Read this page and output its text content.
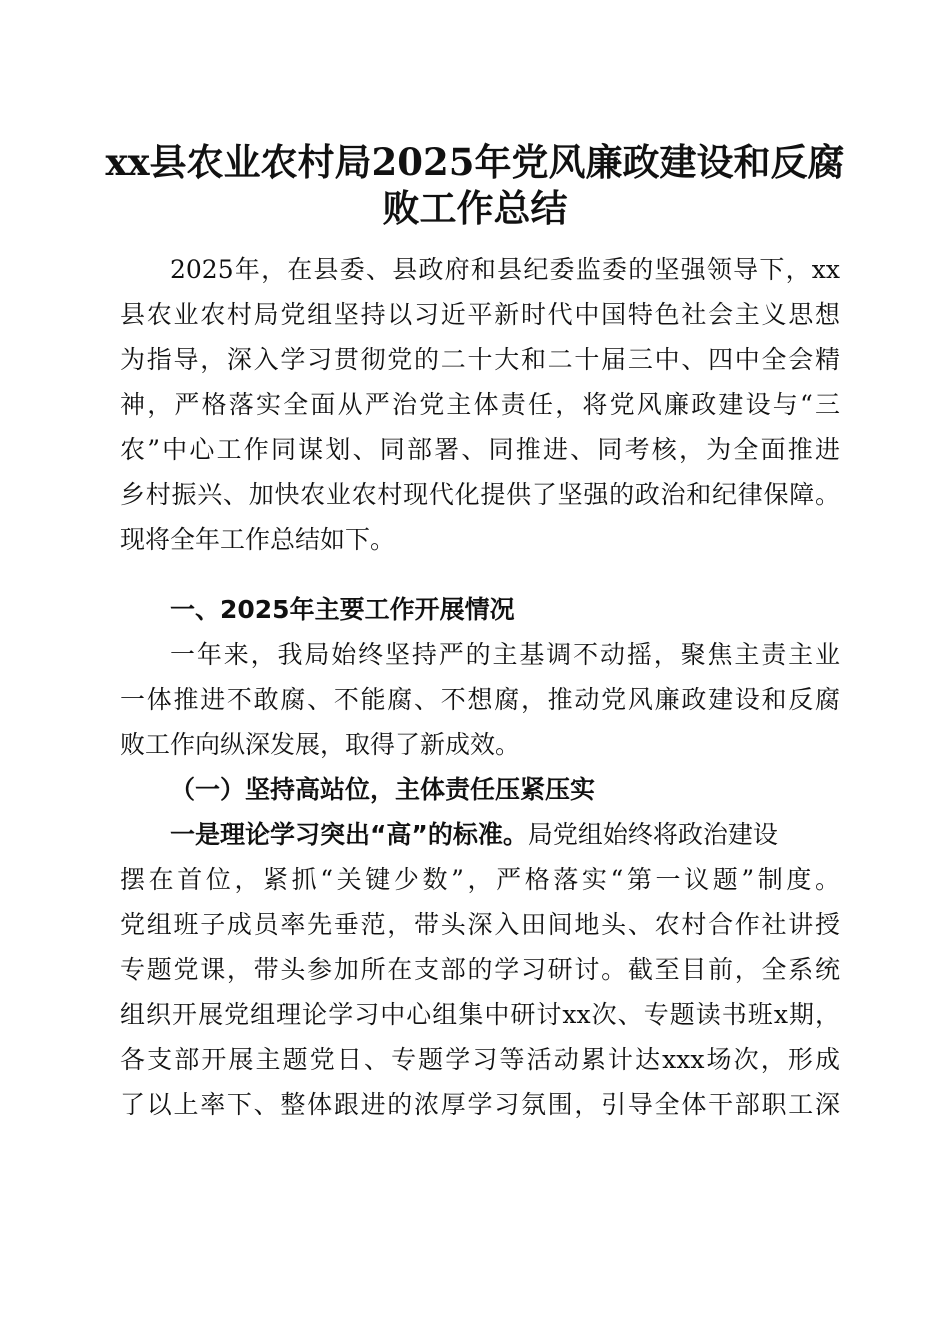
xx县农业农村局2025年党风廉政建设和反腐
败工作总结
2025年，在县委、县政府和县纪委监委的坚强领导下，xx
县农业农村局党组坚持以习近平新时代中国特色社会主义思想
为指导，深入学习贯彻党的二十大和二十届三中、四中全会精
神，严格落实全面从严治党主体责任，将党风廉政建设与“三
农”中心工作同谋划、同部署、同推进、同考核，为全面推进
乡村振兴、加快农业农村现代化提供了坚强的政治和纪律保障。
现将全年工作总结如下。
一、2025年主要工作开展情况
一年来，我局始终坚持严的主基调不动摇，聚焦主责主业
一体推进不敢腐、不能腐、不想腐，推动党风廉政建设和反腐
败工作向纵深发展，取得了新成效。
（一）坚持高站位，主体责任压紧压实
一是理论学习突出“高”的标准。局党组始终将政治建设
摆在首位，紧抓“关键少数”，严格落实“第一议题”制度。
党组班子成员率先垂范，带头深入田间地头、农村合作社讲授
专题党课，带头参加所在支部的学习研讨。截至目前，全系统
组织开展党组理论学习中心组集中研讨xx次、专题读书班x期，
各支部开展主题党日、专题学习等活动累计达xxx场次，形成
了以上率下、整体跟进的浓厚学习氛围，引导全体干部职工深
